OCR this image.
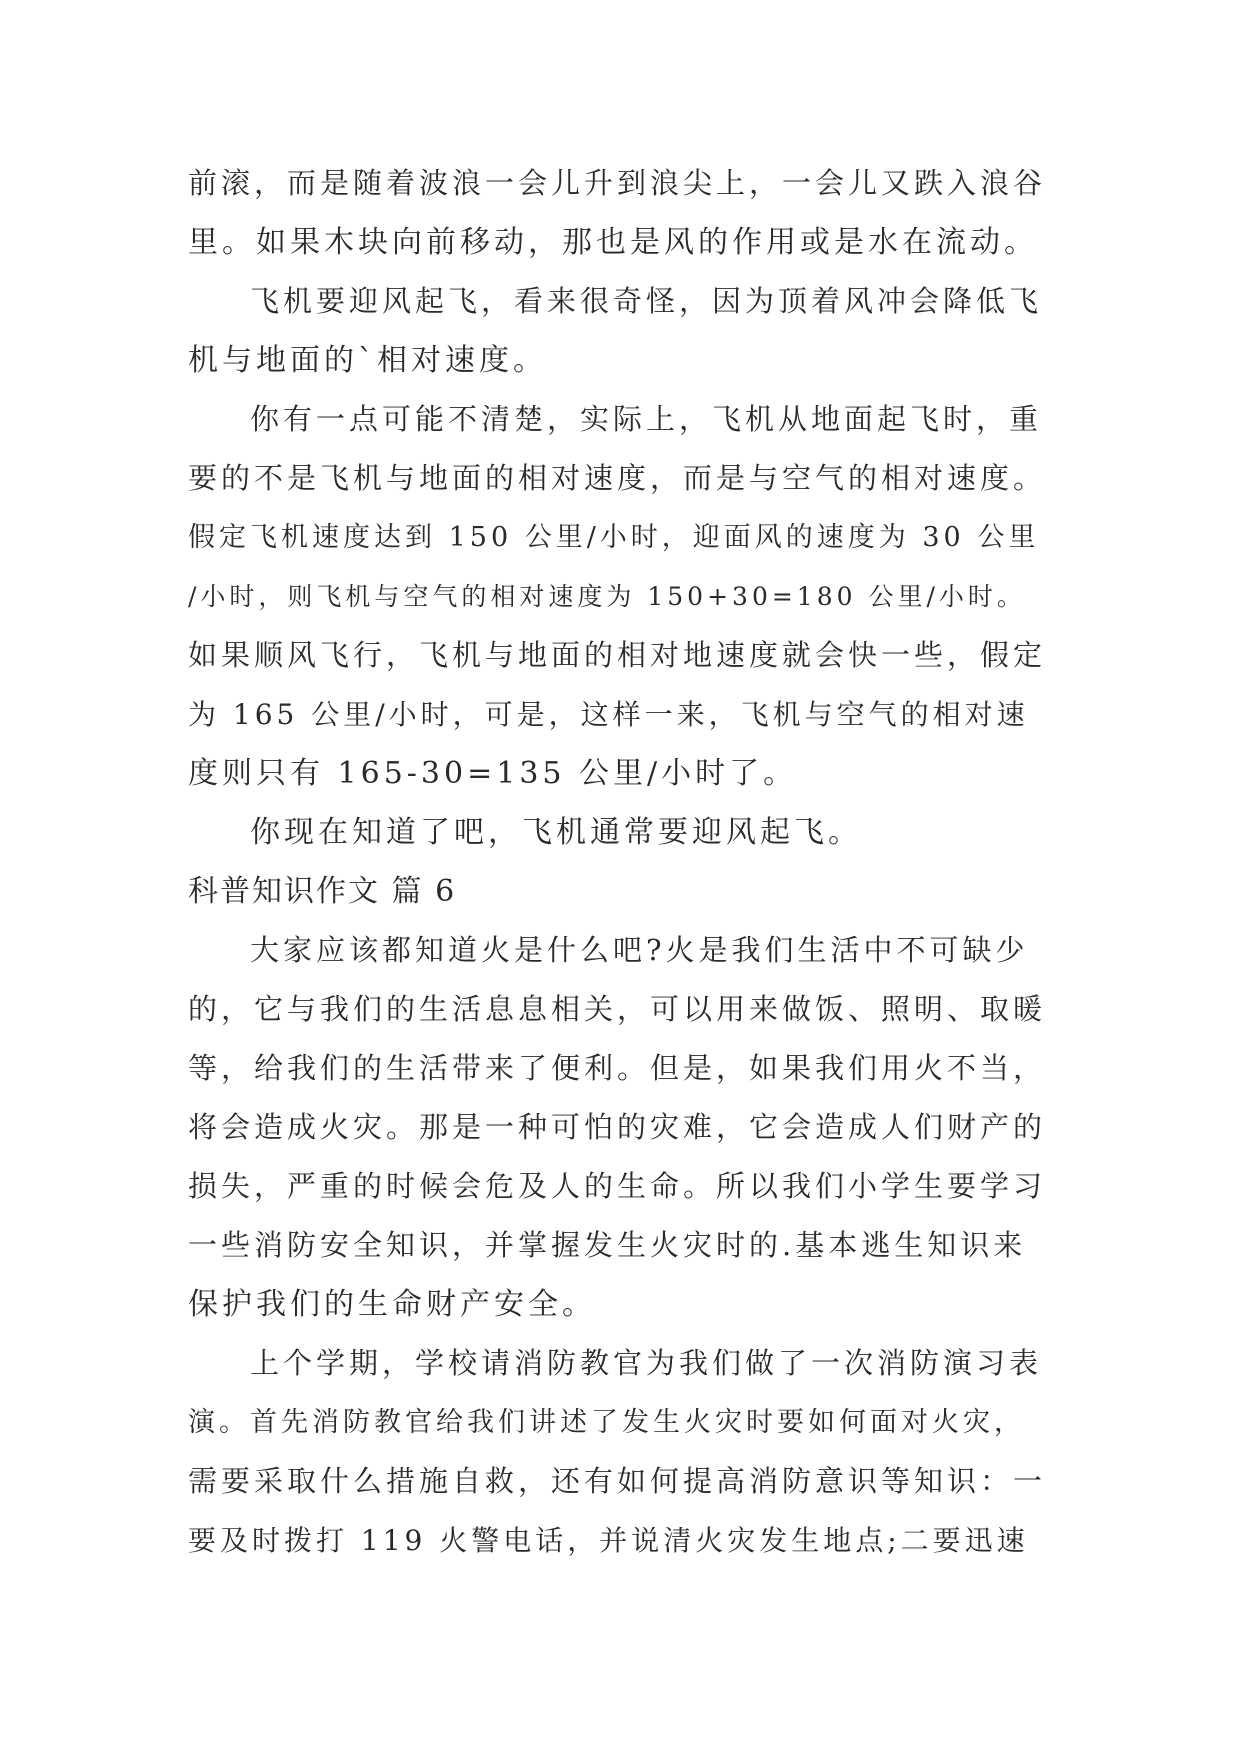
前滚，而是随着波浪一会儿升到浪尖上，一会儿又跌入浪谷
里。如果木块向前移动，那也是风的作用或是水在流动。
飞机要迎风起飞，看来很奇怪，因为顶着风冲会降低飞
机与地面的`相对速度。
你有一点可能不清楚，实际上，飞机从地面起飞时，重
要的不是飞机与地面的相对速度，而是与空气的相对速度。
假定飞机速度达到 150 公里/小时，迎面风的速度为 30 公里
/小时，则飞机与空气的相对速度为 150+30=180 公里/小时。
如果顺风飞行，飞机与地面的相对地速度就会快一些，假定
为 165 公里/小时，可是，这样一来，飞机与空气的相对速
度则只有 165-30=135 公里/小时了。
你现在知道了吧，飞机通常要迎风起飞。
科普知识作文 篇 6
大家应该都知道火是什么吧?火是我们生活中不可缺少
的，它与我们的生活息息相关，可以用来做饭、照明、取暖
等，给我们的生活带来了便利。但是，如果我们用火不当，
将会造成火灾。那是一种可怕的灾难，它会造成人们财产的
损失，严重的时候会危及人的生命。所以我们小学生要学习
一些消防安全知识，并掌握发生火灾时的.基本逃生知识来
保护我们的生命财产安全。
上个学期，学校请消防教官为我们做了一次消防演习表
演。首先消防教官给我们讲述了发生火灾时要如何面对火灾，
需要采取什么措施自救，还有如何提高消防意识等知识：一
要及时拨打 119 火警电话，并说清火灾发生地点;二要迅速
